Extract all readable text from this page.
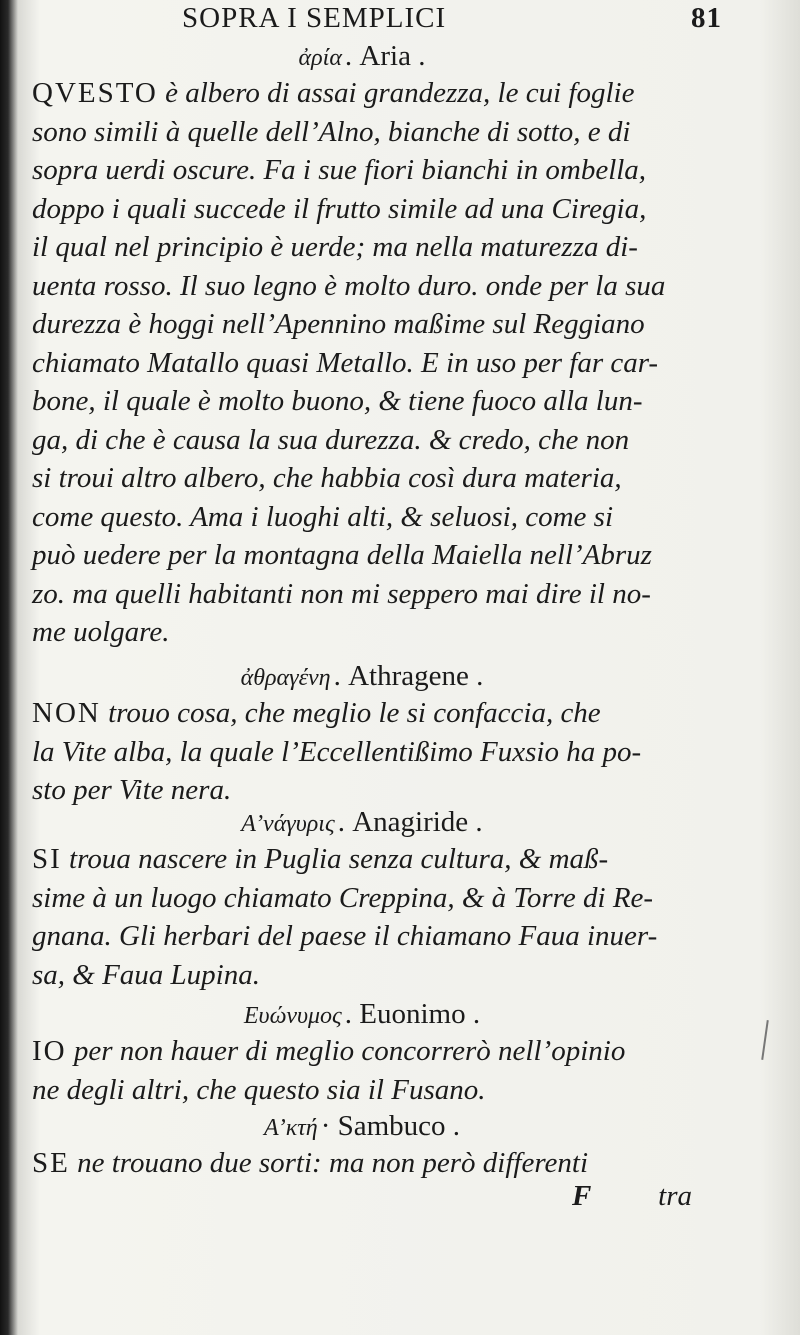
SOPRA I SEMPLICI	81

ἀρία . Aria .

QVESTO è albero di assai grandezza, le cui foglie
sono simili à quelle dell’Alno, bianche di sotto, e di
sopra uerdi oscure. Fa i sue fiori bianchi in ombella,
doppo i quali succede il frutto simile ad una Ciregia,
il qual nel principio è uerde; ma nella maturezza di-
uenta rosso. Il suo legno è molto duro. onde per la sua
durezza è hoggi nell’Apennino maßime sul Reggiano
chiamato Matallo quasi Metallo. E in uso per far car-
bone, il quale è molto buono, & tiene fuoco alla lun-
ga, di che è causa la sua durezza. & credo, che non
si troui altro albero, che habbia così dura materia,
come questo. Ama i luoghi alti, & seluosi, come si
può uedere per la montagna della Maiella nell’Abruz
zo. ma quelli habitanti non mi seppero mai dire il no-
me uolgare.

ἀθραγένη . Athragene .

NON trouo cosa, che meglio le si confaccia, che
la Vite alba, la quale l’Eccellentißimo Fuxsio ha po-
sto per Vite nera.

Α’νάγυρις . Anagiride .

SI troua nascere in Puglia senza cultura, & maß-
sime à un luogo chiamato Creppina, & à Torre di Re-
gnana. Gli herbari del paese il chiamano Faua inuer-
sa, & Faua Lupina.

Ευώνυμος . Euonimo .

IO per non hauer di meglio concorrerò nell’opinio
ne degli altri, che questo sia il Fusano.

Α’κτή · Sambuco .

SE ne trouano due sorti: ma non però differenti

F tra
